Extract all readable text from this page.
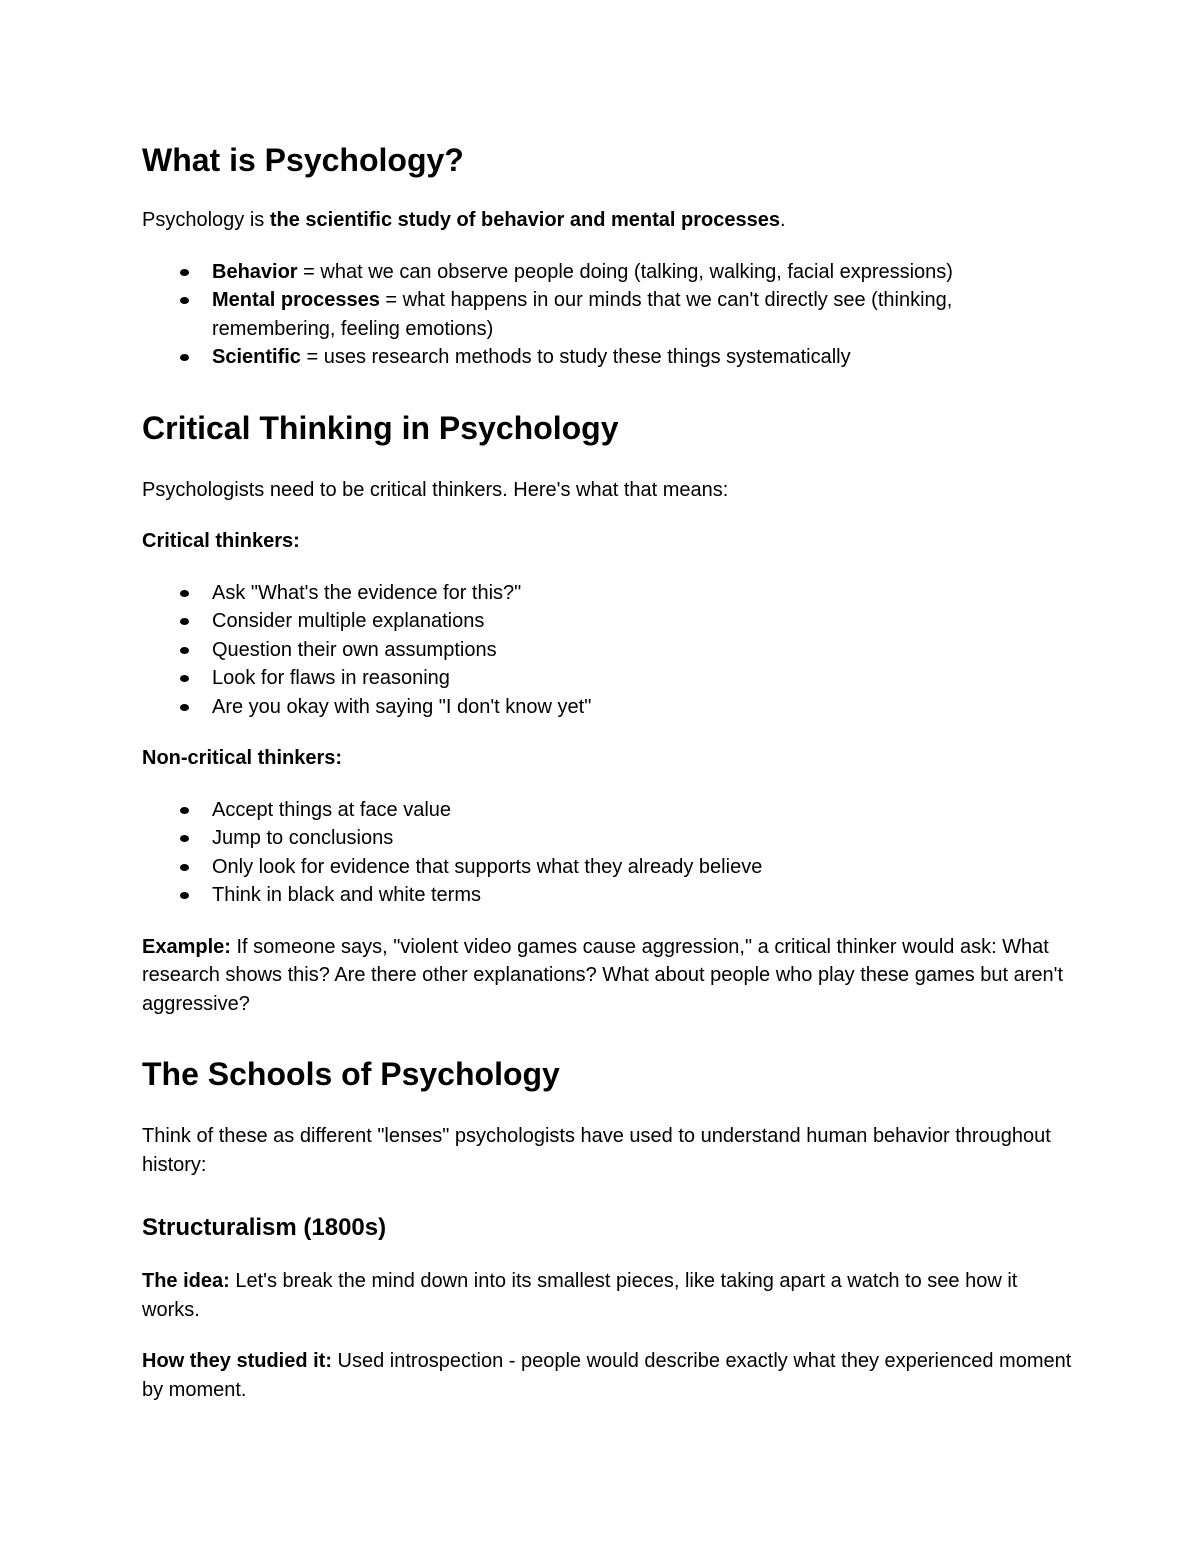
What is Psychology?

Psychology is the scientific study of behavior and mental processes.

Behavior = what we can observe people doing (talking, walking, facial expressions)
Mental processes = what happens in our minds that we can't directly see (thinking, remembering, feeling emotions)
Scientific = uses research methods to study these things systematically
Critical Thinking in Psychology

Psychologists need to be critical thinkers. Here's what that means:

Critical thinkers:

Ask "What's the evidence for this?"
Consider multiple explanations
Question their own assumptions
Look for flaws in reasoning
Are you okay with saying "I don't know yet"

Non-critical thinkers:

Accept things at face value
Jump to conclusions
Only look for evidence that supports what they already believe
Think in black and white terms

Example: If someone says, "violent video games cause aggression," a critical thinker would ask: What research shows this? Are there other explanations? What about people who play these games but aren't aggressive?

The Schools of Psychology

Think of these as different "lenses" psychologists have used to understand human behavior throughout history:

Structuralism (1800s)

The idea: Let's break the mind down into its smallest pieces, like taking apart a watch to see how it works.

How they studied it: Used introspection - people would describe exactly what they experienced moment by moment.
